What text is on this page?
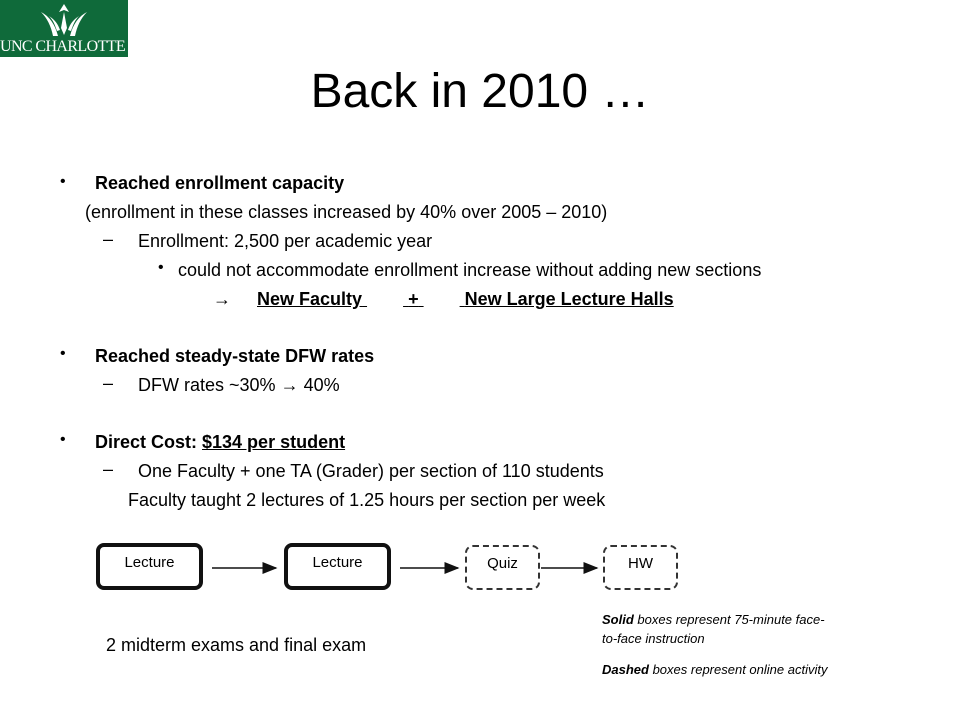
UNC CHARLOTTE
Back in 2010 …
• Reached enrollment capacity
(enrollment in these classes increased by 40% over 2005 – 2010)
– Enrollment: 2,500 per academic year
• could not accommodate enrollment increase without adding new sections
→ New Faculty	+	New Large Lecture Halls
• Reached steady-state DFW rates
– DFW rates ~30% → 40%
• Direct Cost: $134 per student
– One Faculty + one TA (Grader) per section of 110 students
Faculty taught 2 lectures of 1.25 hours per section per week
Lecture	Lecture	Quiz	HW
2 midterm exams and final exam
Solid boxes represent 75-minute face-
to-face instruction
Dashed boxes represent online activity
